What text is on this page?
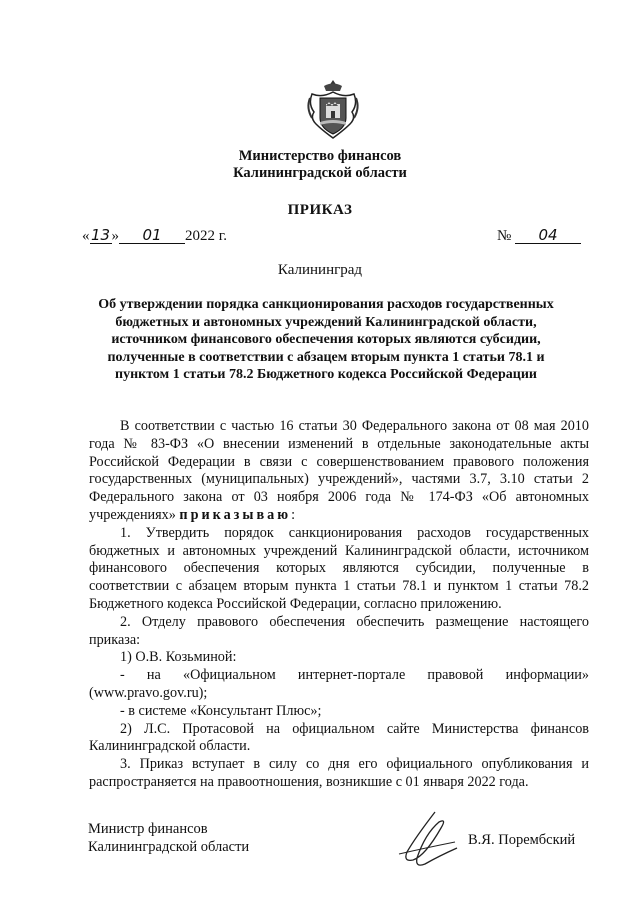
Министерство финансов
Калининградской области
ПРИКАЗ
«13» 01 2022 г.	№ 04
Калининград
Об утверждении порядка санкционирования расходов государственных
бюджетных и автономных учреждений Калининградской области,
источником финансового обеспечения которых являются субсидии,
полученные в соответствии с абзацем вторым пункта 1 статьи 78.1 и
пунктом 1 статьи 78.2 Бюджетного кодекса Российской Федерации

В соответствии с частью 16 статьи 30 Федерального закона от 08 мая 2010 года № 83-ФЗ «О внесении изменений в отдельные законодательные акты Российской Федерации в связи с совершенствованием правового положения государственных (муниципальных) учреждений», частями 3.7, 3.10 статьи 2 Федерального закона от 03 ноября 2006 года № 174-ФЗ «Об автономных учреждениях» приказываю:

1. Утвердить порядок санкционирования расходов государственных бюджетных и автономных учреждений Калининградской области, источником финансового обеспечения которых являются субсидии, полученные в соответствии с абзацем вторым пункта 1 статьи 78.1 и пунктом 1 статьи 78.2 Бюджетного кодекса Российской Федерации, согласно приложению.

2. Отделу правового обеспечения обеспечить размещение настоящего приказа:

1) О.В. Козьминой:

- на «Официальном интернет-портале правовой информации» (www.pravo.gov.ru);

- в системе «Консультант Плюс»;

2) Л.С. Протасовой на официальном сайте Министерства финансов Калининградской области.

3. Приказ вступает в силу со дня его официального опубликования и распространяется на правоотношения, возникшие с 01 января 2022 года.

Министр финансов
Калининградской области	В.Я. Порембский
